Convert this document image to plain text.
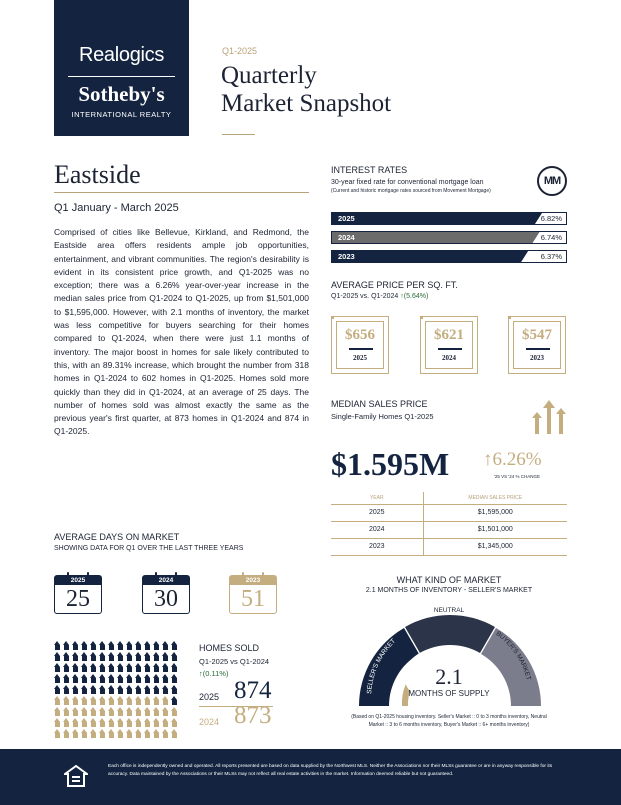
Realogics
Sotheby's
INTERNATIONAL REALTY
Q1-2025
Quarterly
Market Snapshot
Eastside
Q1 January - March 2025
Comprised of cities like Bellevue, Kirkland, and Redmond, the Eastside area offers residents ample job opportunities, entertainment, and vibrant communities. The region's desirability is evident in its consistent price growth, and Q1-2025 was no exception; there was a 6.26% year-over-year increase in the median sales price from Q1-2024 to Q1-2025, up from $1,501,000 to $1,595,000. However, with 2.1 months of inventory, the market was less competitive for buyers searching for their homes compared to Q1-2024, when there were just 1.1 months of inventory. The major boost in homes for sale likely contributed to this, with an 89.31% increase, which brought the number from 318 homes in Q1-2024 to 602 homes in Q1-2025. Homes sold more quickly than they did in Q1-2024, at an average of 25 days. The number of homes sold was almost exactly the same as the previous year's first quarter, at 873 homes in Q1-2024 and 874 in Q1-2025.
AVERAGE DAYS ON MARKET
SHOWING DATA FOR Q1 OVER THE LAST THREE YEARS
2025
25
2024
30
2023
51
HOMES SOLD
Q1-2025 vs Q1-2024
↑(0.11%)
2025 874
2024 873
INTEREST RATES
30-year fixed rate for conventional mortgage loan
(Current and historic mortgage rates sourced from Movement Mortgage)
MM
2025	6.82%
2024	6.74%
2023	6.37%
AVERAGE PRICE PER SQ. FT.
Q1-2025 vs. Q1-2024 ↑(5.64%)
$656
2025
$621
2024
$547
2023
MEDIAN SALES PRICE
Single-Family Homes Q1-2025
$1.595M ↑6.26%
'25 VS '24 % CHANGE
YEAR	MEDIAN SALES PRICE
2025	$1,595,000
2024	$1,501,000
2023	$1,345,000
WHAT KIND OF MARKET
2.1 MONTHS OF INVENTORY - SELLER'S MARKET
SELLER'S MARKET
NEUTRAL
BUYER'S MARKET
2.1
MONTHS OF SUPPLY
(Based on Q1-2025 housing inventory. Seller's Market :: 0 to 3 months inventory, Neutral
Market :: 3 to 6 months inventory, Buyer's Market :: 6+ months inventory)
Each office is independently owned and operated. All reports presented are based on data supplied by the Northwest MLS. Neither the Associations nor their MLSs guarantee or are in anyway responsible for its accuracy. Data maintained by the Associations or their MLSs may not reflect all real estate activities in the market. Information deemed reliable but not guaranteed.
